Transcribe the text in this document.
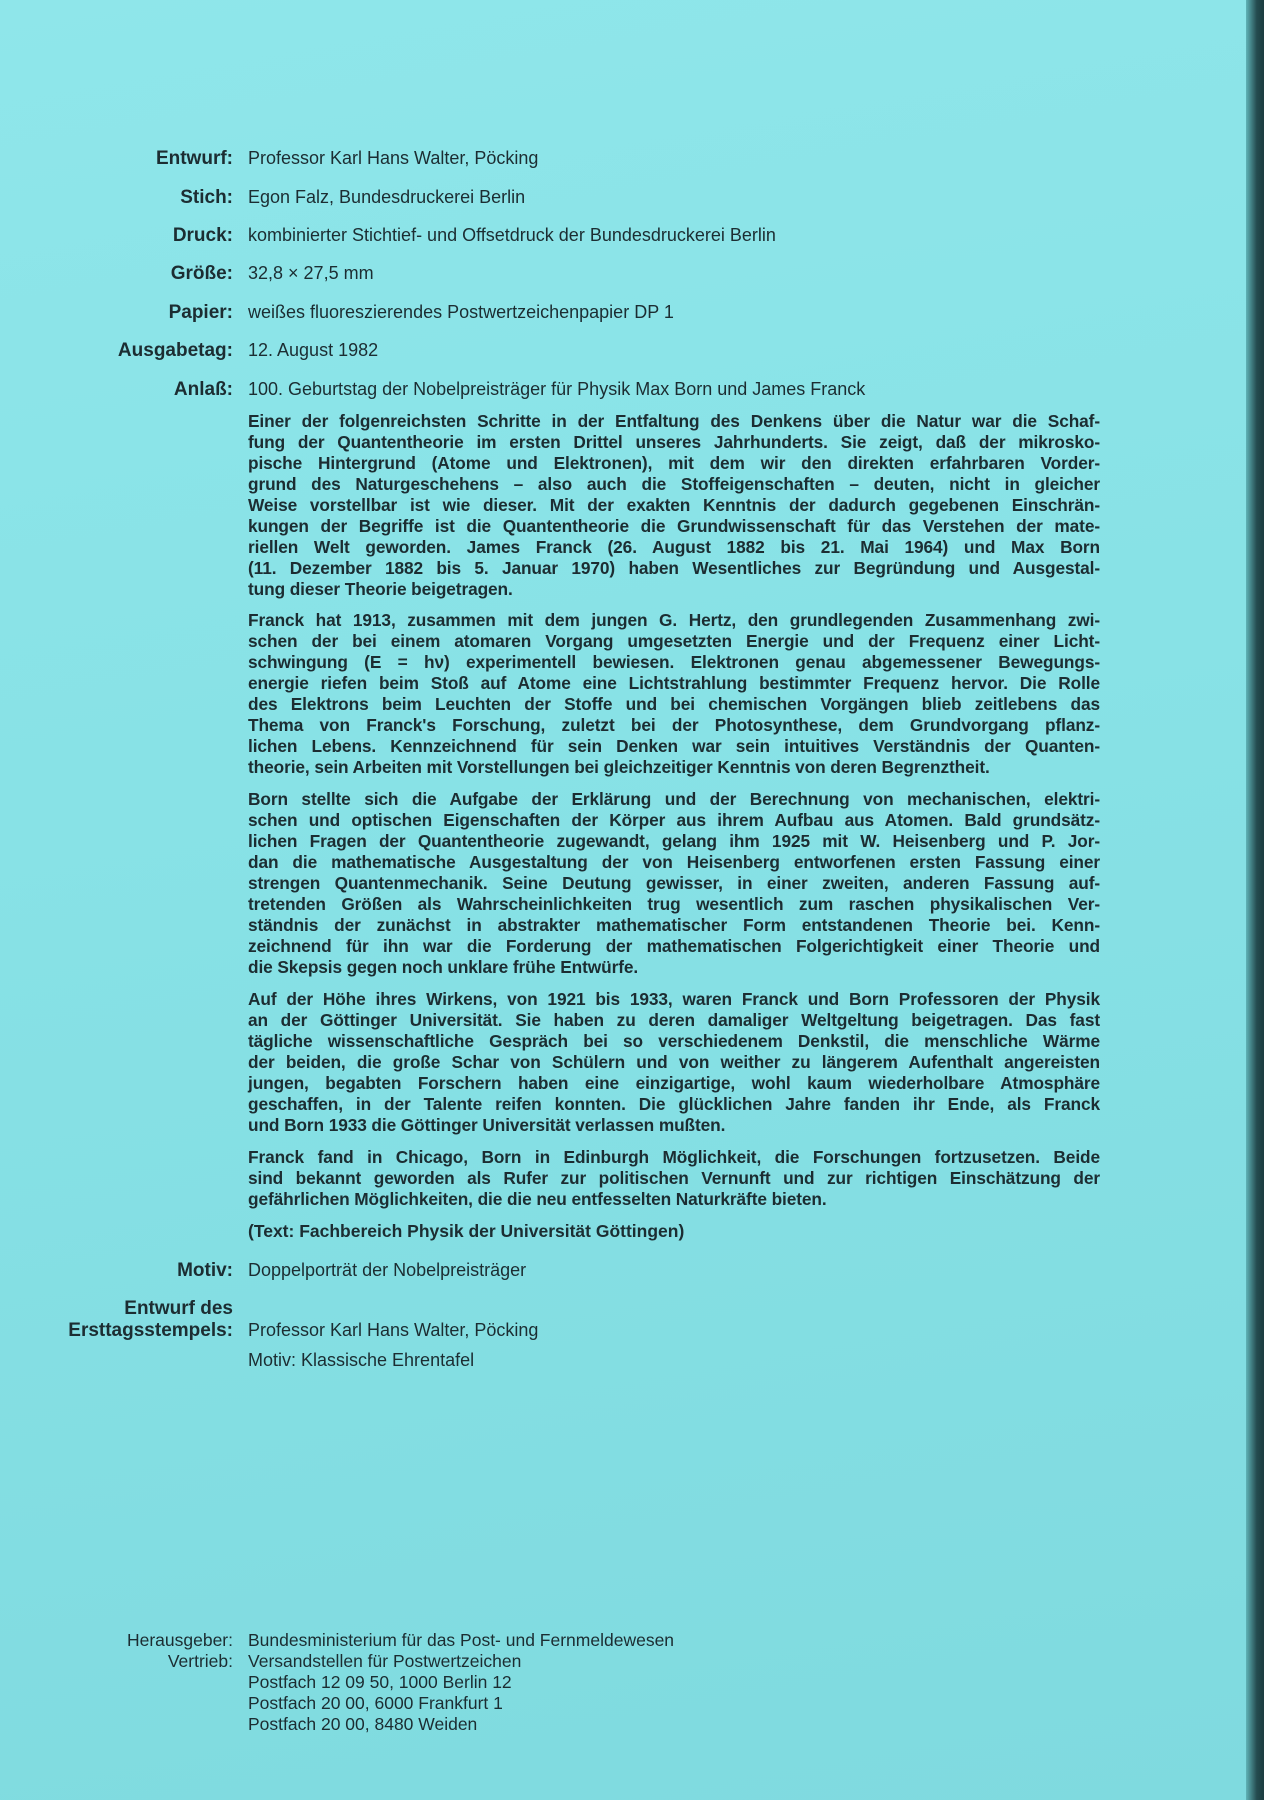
Entwurf: Professor Karl Hans Walter, Pöcking
Stich: Egon Falz, Bundesdruckerei Berlin
Druck: kombinierter Stichtief- und Offsetdruck der Bundesdruckerei Berlin
Größe: 32,8 × 27,5 mm
Papier: weißes fluoreszierendes Postwertzeichenpapier DP 1
Ausgabetag: 12. August 1982
Anlaß: 100. Geburtstag der Nobelpreisträger für Physik Max Born und James Franck
Einer der folgenreichsten Schritte in der Entfaltung des Denkens über die Natur war die Schaf-
fung der Quantentheorie im ersten Drittel unseres Jahrhunderts. Sie zeigt, daß der mikrosko-
pische Hintergrund (Atome und Elektronen), mit dem wir den direkten erfahrbaren Vorder-
grund des Naturgeschehens – also auch die Stoffeigenschaften – deuten, nicht in gleicher
Weise vorstellbar ist wie dieser. Mit der exakten Kenntnis der dadurch gegebenen Einschrän-
kungen der Begriffe ist die Quantentheorie die Grundwissenschaft für das Verstehen der mate-
riellen Welt geworden. James Franck (26. August 1882 bis 21. Mai 1964) und Max Born
(11. Dezember 1882 bis 5. Januar 1970) haben Wesentliches zur Begründung und Ausgestal-
tung dieser Theorie beigetragen.
Franck hat 1913, zusammen mit dem jungen G. Hertz, den grundlegenden Zusammenhang zwi-
schen der bei einem atomaren Vorgang umgesetzten Energie und der Frequenz einer Licht-
schwingung (E = hν) experimentell bewiesen. Elektronen genau abgemessener Bewegungs-
energie riefen beim Stoß auf Atome eine Lichtstrahlung bestimmter Frequenz hervor. Die Rolle
des Elektrons beim Leuchten der Stoffe und bei chemischen Vorgängen blieb zeitlebens das
Thema von Franck's Forschung, zuletzt bei der Photosynthese, dem Grundvorgang pflanz-
lichen Lebens. Kennzeichnend für sein Denken war sein intuitives Verständnis der Quanten-
theorie, sein Arbeiten mit Vorstellungen bei gleichzeitiger Kenntnis von deren Begrenztheit.
Born stellte sich die Aufgabe der Erklärung und der Berechnung von mechanischen, elektri-
schen und optischen Eigenschaften der Körper aus ihrem Aufbau aus Atomen. Bald grundsätz-
lichen Fragen der Quantentheorie zugewandt, gelang ihm 1925 mit W. Heisenberg und P. Jor-
dan die mathematische Ausgestaltung der von Heisenberg entworfenen ersten Fassung einer
strengen Quantenmechanik. Seine Deutung gewisser, in einer zweiten, anderen Fassung auf-
tretenden Größen als Wahrscheinlichkeiten trug wesentlich zum raschen physikalischen Ver-
ständnis der zunächst in abstrakter mathematischer Form entstandenen Theorie bei. Kenn-
zeichnend für ihn war die Forderung der mathematischen Folgerichtigkeit einer Theorie und
die Skepsis gegen noch unklare frühe Entwürfe.
Auf der Höhe ihres Wirkens, von 1921 bis 1933, waren Franck und Born Professoren der Physik
an der Göttinger Universität. Sie haben zu deren damaliger Weltgeltung beigetragen. Das fast
tägliche wissenschaftliche Gespräch bei so verschiedenem Denkstil, die menschliche Wärme
der beiden, die große Schar von Schülern und von weither zu längerem Aufenthalt angereisten
jungen, begabten Forschern haben eine einzigartige, wohl kaum wiederholbare Atmosphäre
geschaffen, in der Talente reifen konnten. Die glücklichen Jahre fanden ihr Ende, als Franck
und Born 1933 die Göttinger Universität verlassen mußten.
Franck fand in Chicago, Born in Edinburgh Möglichkeit, die Forschungen fortzusetzen. Beide
sind bekannt geworden als Rufer zur politischen Vernunft und zur richtigen Einschätzung der
gefährlichen Möglichkeiten, die die neu entfesselten Naturkräfte bieten.
(Text: Fachbereich Physik der Universität Göttingen)
Motiv: Doppelporträt der Nobelpreisträger
Entwurf des
Ersttagsstempels: Professor Karl Hans Walter, Pöcking
Motiv: Klassische Ehrentafel
Herausgeber: Bundesministerium für das Post- und Fernmeldewesen
Vertrieb: Versandstellen für Postwertzeichen
Postfach 12 09 50, 1000 Berlin 12
Postfach 20 00, 6000 Frankfurt 1
Postfach 20 00, 8480 Weiden
